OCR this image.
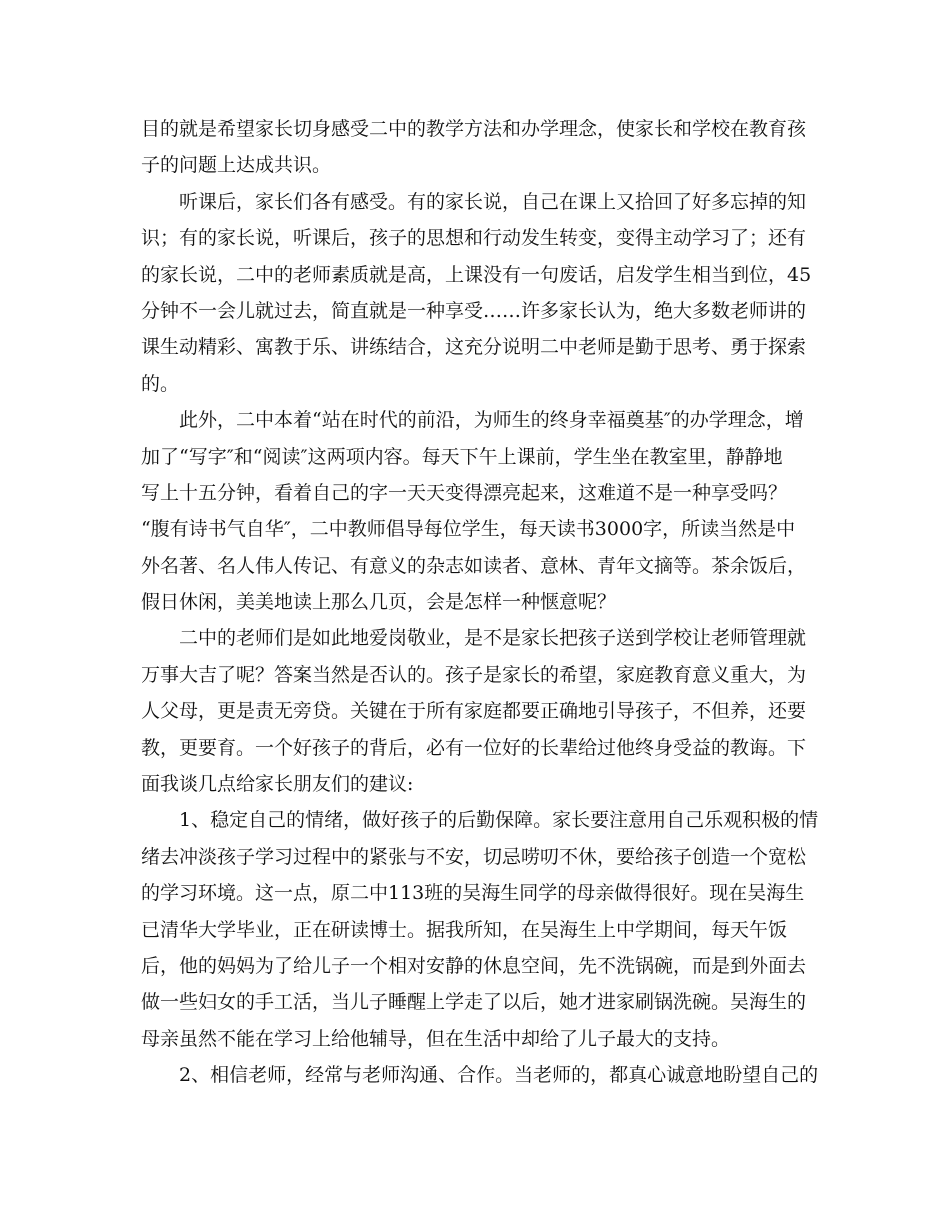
目的就是希望家长切身感受二中的教学方法和办学理念，使家长和学校在教育孩
子的问题上达成共识。
听课后，家长们各有感受。有的家长说，自己在课上又拾回了好多忘掉的知
识；有的家长说，听课后，孩子的思想和行动发生转变，变得主动学习了；还有
的家长说，二中的老师素质就是高，上课没有一句废话，启发学生相当到位，45
分钟不一会儿就过去，简直就是一种享受……许多家长认为，绝大多数老师讲的
课生动精彩、寓教于乐、讲练结合，这充分说明二中老师是勤于思考、勇于探索
的。
此外，二中本着“站在时代的前沿，为师生的终身幸福奠基″的办学理念，增
加了“写字″和“阅读″这两项内容。每天下午上课前，学生坐在教室里，静静地
写上十五分钟，看着自己的字一天天变得漂亮起来，这难道不是一种享受吗？
“腹有诗书气自华″，二中教师倡导每位学生，每天读书3000字，所读当然是中
外名著、名人伟人传记、有意义的杂志如读者、意林、青年文摘等。茶余饭后，
假日休闲，美美地读上那么几页，会是怎样一种惬意呢？
二中的老师们是如此地爱岗敬业，是不是家长把孩子送到学校让老师管理就
万事大吉了呢？答案当然是否认的。孩子是家长的希望，家庭教育意义重大，为
人父母，更是责无旁贷。关键在于所有家庭都要正确地引导孩子，不但养，还要
教，更要育。一个好孩子的背后，必有一位好的长辈给过他终身受益的教诲。下
面我谈几点给家长朋友们的建议:
1、稳定自己的情绪，做好孩子的后勤保障。家长要注意用自己乐观积极的情
绪去冲淡孩子学习过程中的紧张与不安，切忌唠叨不休，要给孩子创造一个宽松
的学习环境。这一点，原二中113班的吴海生同学的母亲做得很好。现在吴海生
已清华大学毕业，正在研读博士。据我所知，在吴海生上中学期间，每天午饭
后，他的妈妈为了给儿子一个相对安静的休息空间，先不洗锅碗，而是到外面去
做一些妇女的手工活，当儿子睡醒上学走了以后，她才进家刷锅洗碗。吴海生的
母亲虽然不能在学习上给他辅导，但在生活中却给了儿子最大的支持。
2、相信老师，经常与老师沟通、合作。当老师的，都真心诚意地盼望自己的
